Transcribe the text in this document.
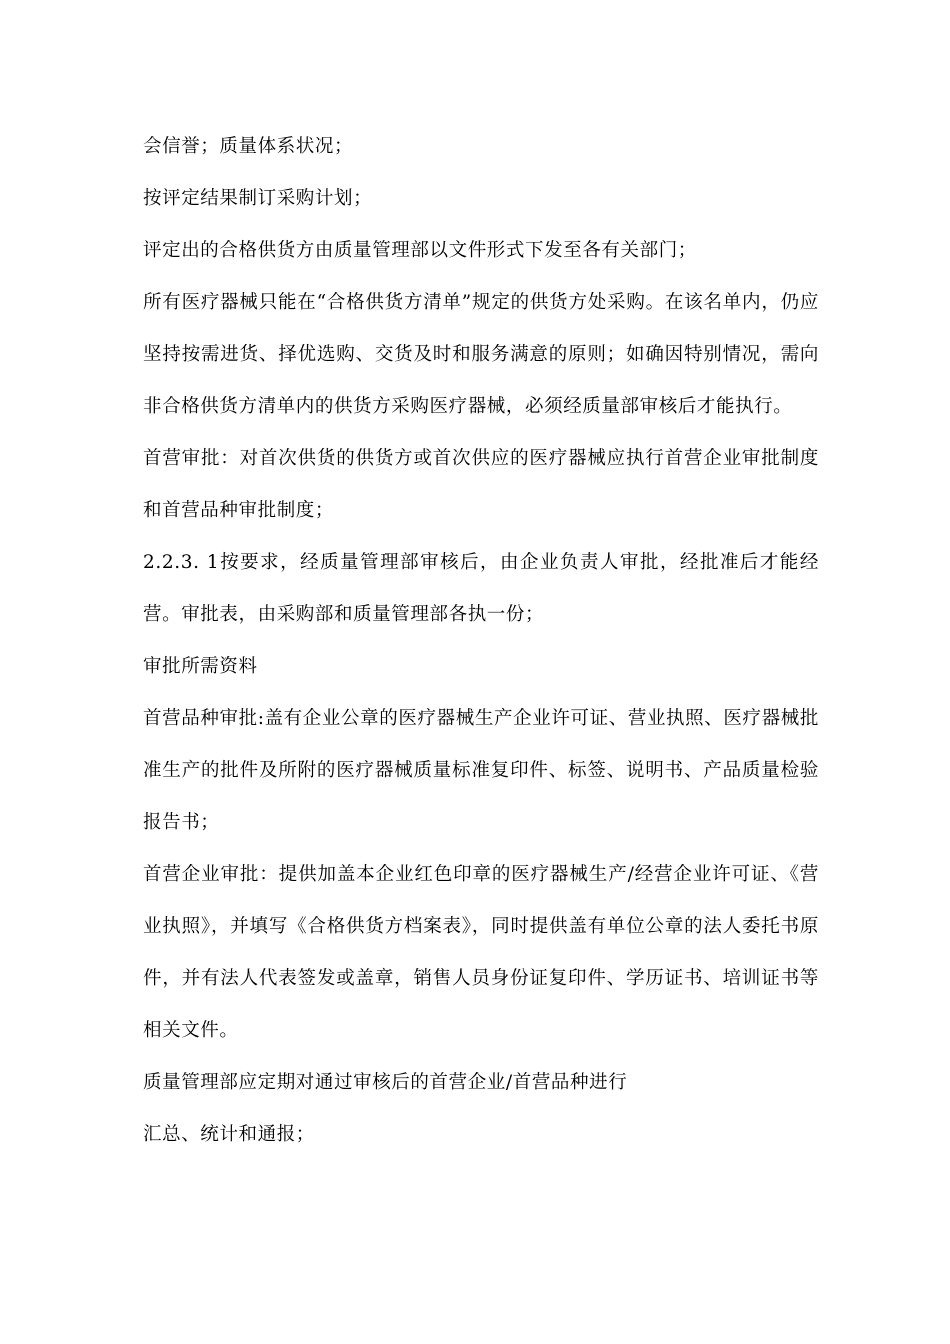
会信誉；质量体系状况；

按评定结果制订采购计划；

评定出的合格供货方由质量管理部以文件形式下发至各有关部门；

所有医疗器械只能在“合格供货方清单”规定的供货方处采购。在该名单内，仍应坚持按需进货、择优选购、交货及时和服务满意的原则；如确因特别情况，需向非合格供货方清单内的供货方采购医疗器械，必须经质量部审核后才能执行。

首营审批：对首次供货的供货方或首次供应的医疗器械应执行首营企业审批制度和首营品种审批制度；

2.2.3. 1按要求，经质量管理部审核后，由企业负责人审批，经批准后才能经营。审批表，由采购部和质量管理部各执一份；

审批所需资料

首营品种审批:盖有企业公章的医疗器械生产企业许可证、营业执照、医疗器械批准生产的批件及所附的医疗器械质量标准复印件、标签、说明书、产品质量检验报告书；

首营企业审批：提供加盖本企业红色印章的医疗器械生产/经营企业许可证、《营业执照》，并填写《合格供货方档案表》，同时提供盖有单位公章的法人委托书原件，并有法人代表签发或盖章，销售人员身份证复印件、学历证书、培训证书等相关文件。

质量管理部应定期对通过审核后的首营企业/首营品种进行

汇总、统计和通报；
